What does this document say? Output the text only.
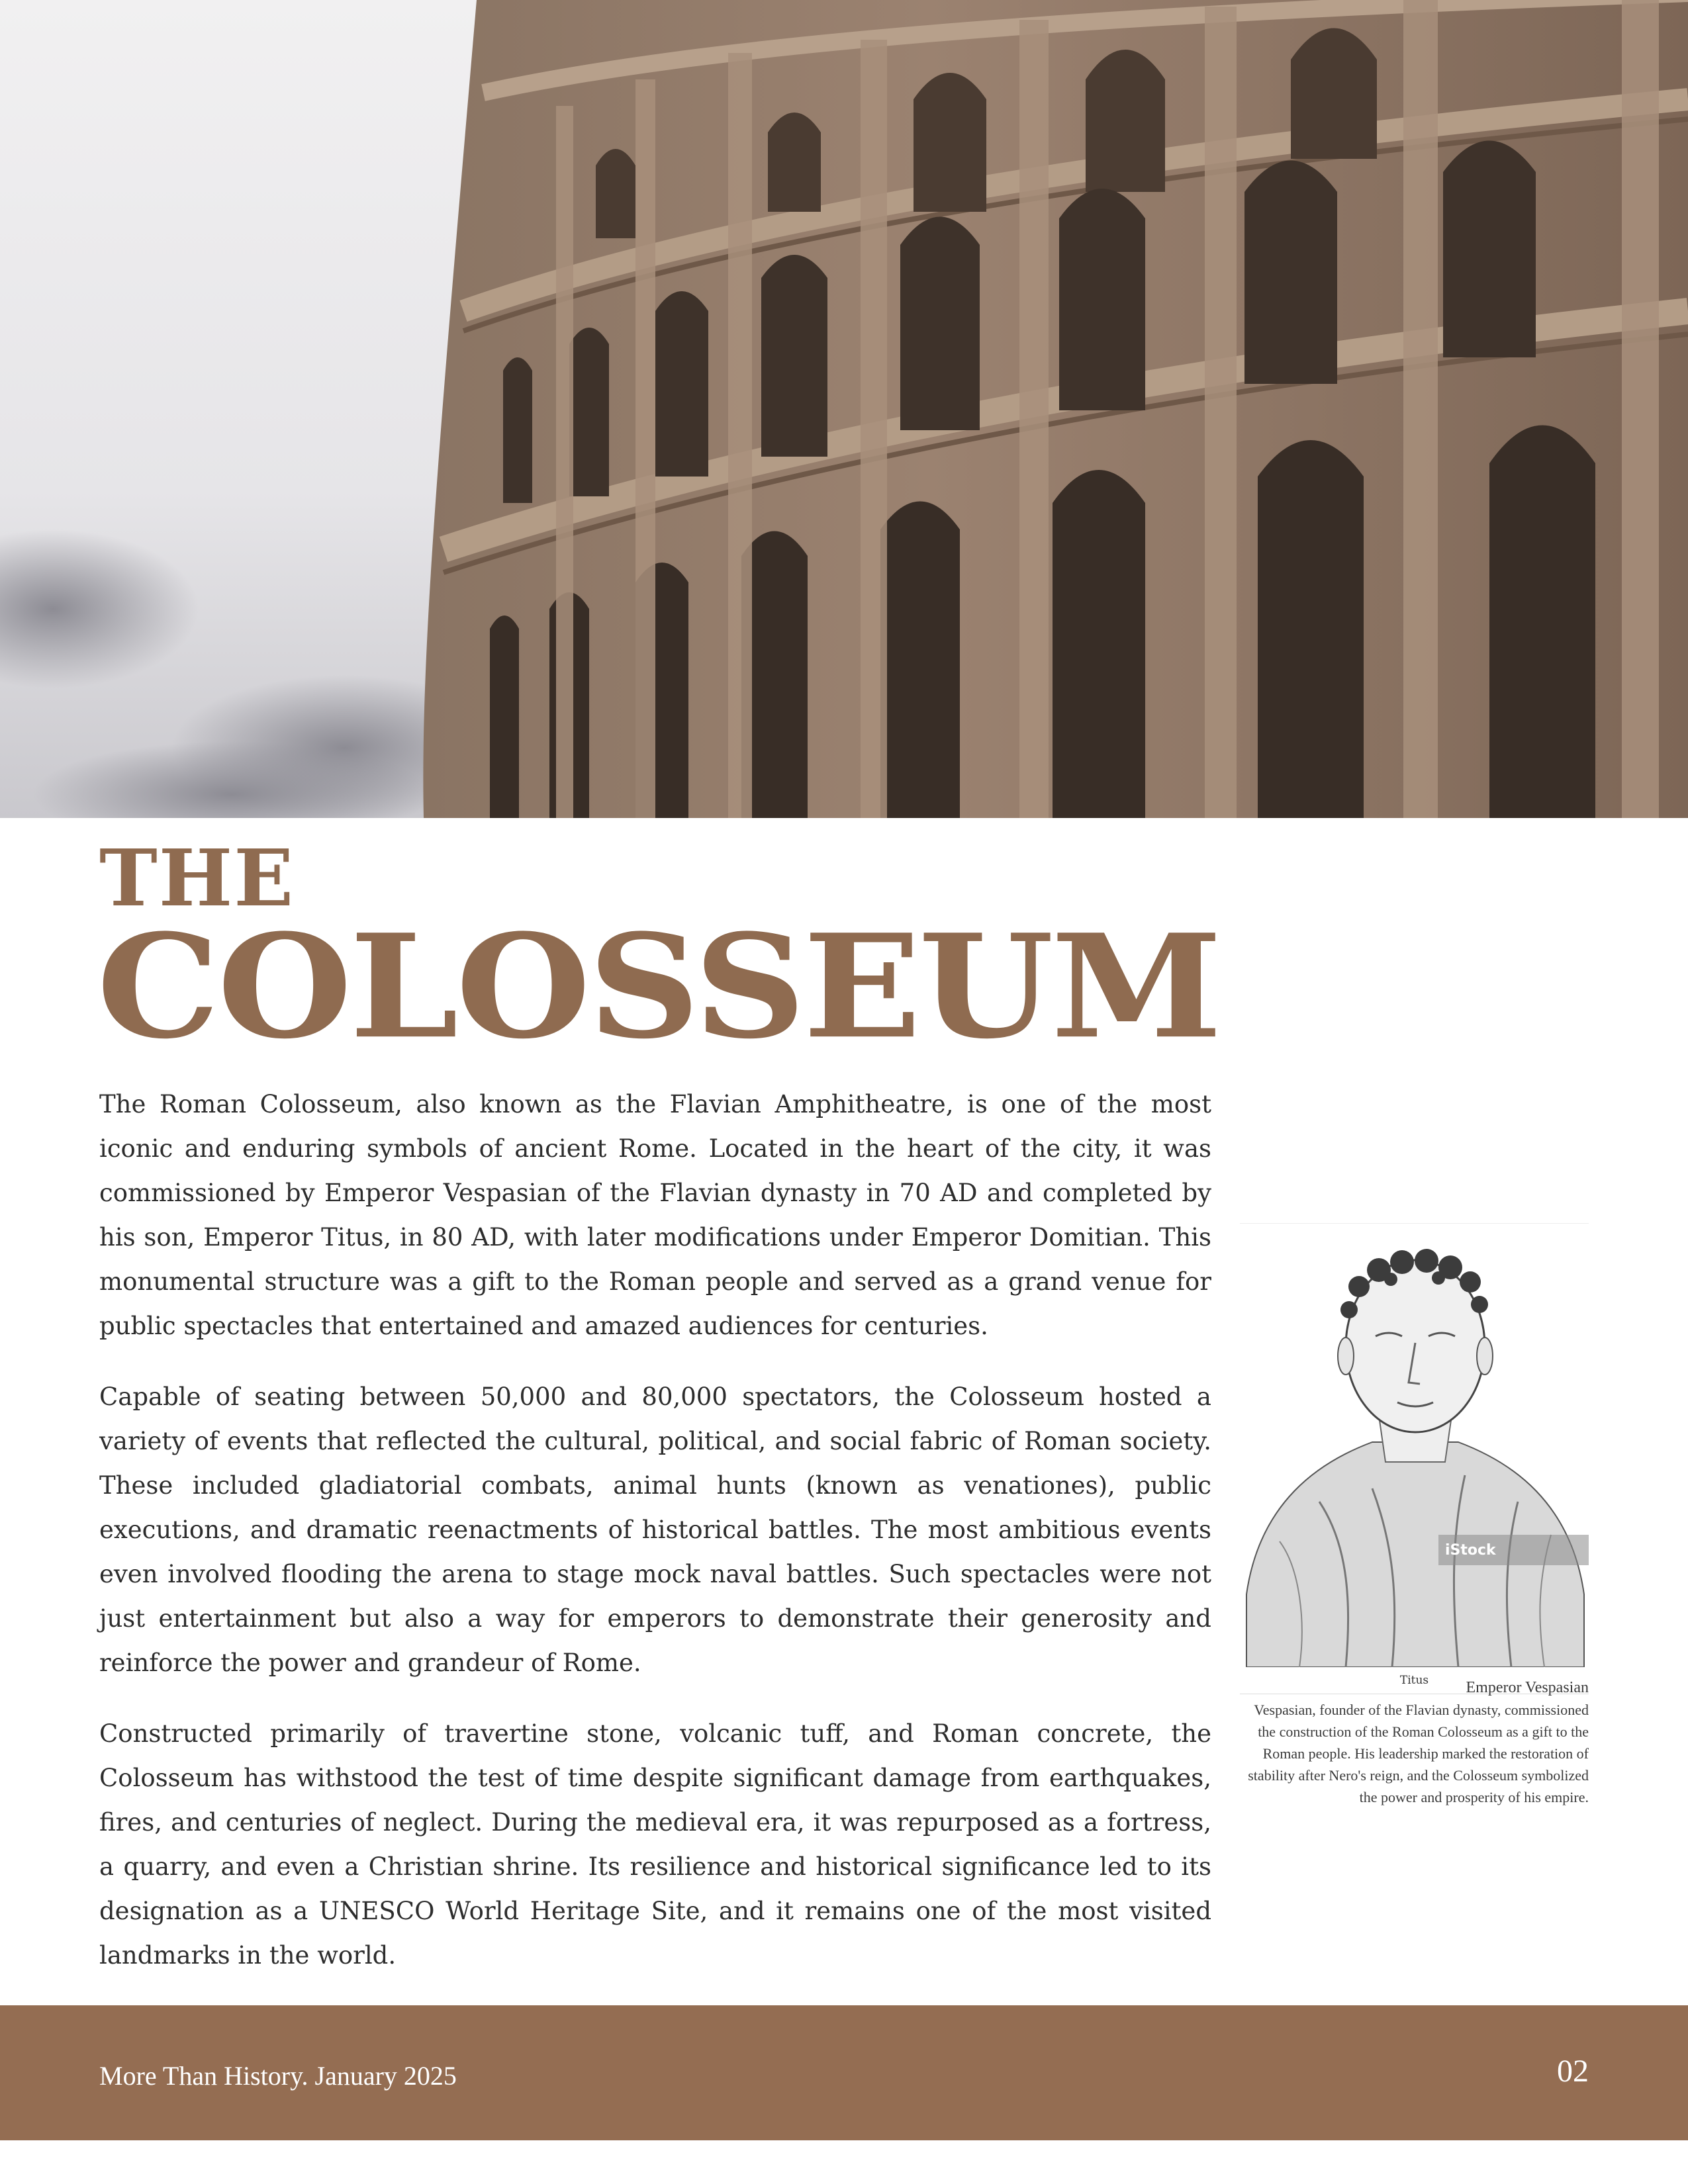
THE
COLOSSEUM

The Roman Colosseum, also known as the Flavian Amphitheatre, is one of the most iconic and enduring symbols of ancient Rome. Located in the heart of the city, it was commissioned by Emperor Vespasian of the Flavian dynasty in 70 AD and completed by his son, Emperor Titus, in 80 AD, with later modifications under Emperor Domitian. This monumental structure was a gift to the Roman people and served as a grand venue for public spectacles that entertained and amazed audiences for centuries.

Capable of seating between 50,000 and 80,000 spectators, the Colosseum hosted a variety of events that reflected the cultural, political, and social fabric of Roman society. These included gladiatorial combats, animal hunts (known as venationes), public executions, and dramatic reenactments of historical battles. The most ambitious events even involved flooding the arena to stage mock naval battles. Such spectacles were not just entertainment but also a way for emperors to demonstrate their generosity and reinforce the power and grandeur of Rome.

Constructed primarily of travertine stone, volcanic tuff, and Roman concrete, the Colosseum has withstood the test of time despite significant damage from earthquakes, fires, and centuries of neglect. During the medieval era, it was repurposed as a fortress, a quarry, and even a Christian shrine. Its resilience and historical significance led to its designation as a UNESCO World Heritage Site, and it remains one of the most visited landmarks in the world.

iStock
Titus	Emperor Vespasian
Vespasian, founder of the Flavian dynasty, commissioned the construction of the Roman Colosseum as a gift to the Roman people. His leadership marked the restoration of stability after Nero's reign, and the Colosseum symbolized the power and prosperity of his empire.
More Than History. January 2025	02
